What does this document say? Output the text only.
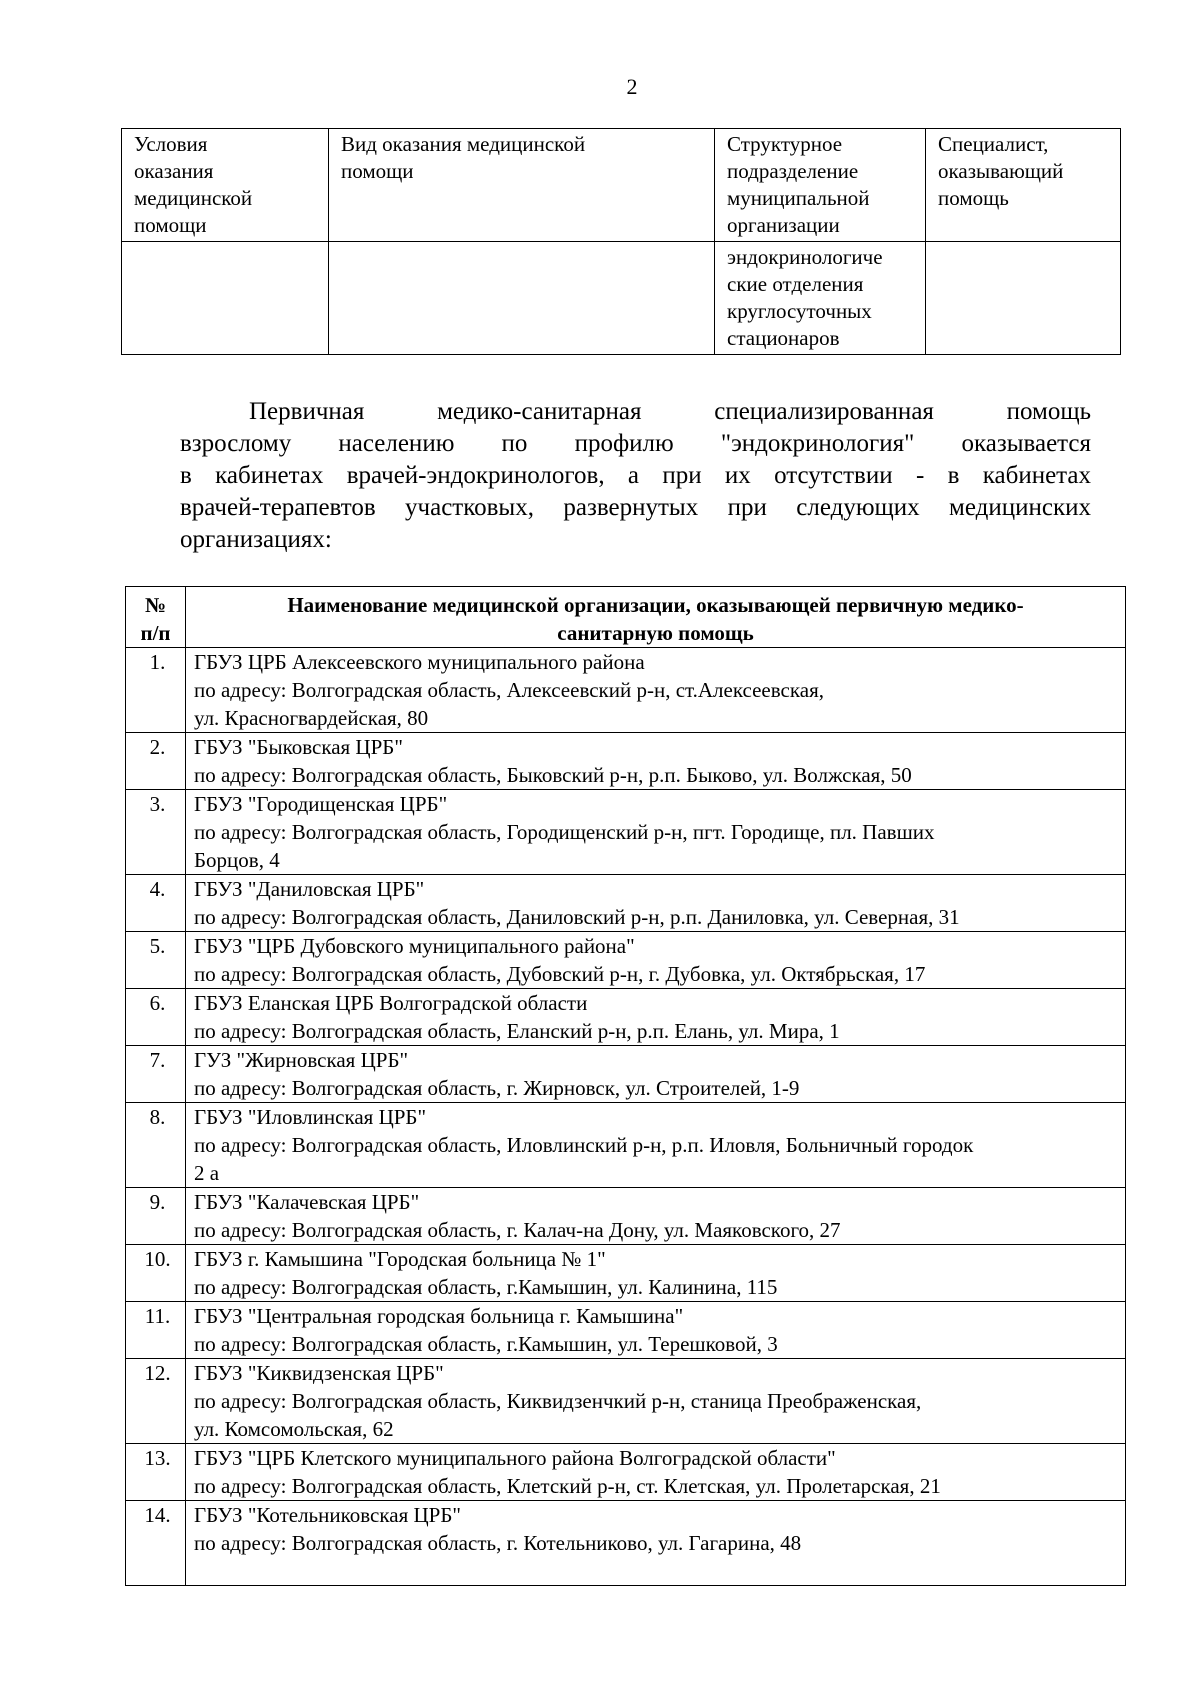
2
Условия
оказания
медицинской
помощи	Вид оказания медицинской
помощи	Структурное
подразделение
муниципальной
организации	Специалист,
оказывающий
помощь

		эндокринологиче
ские отделения
круглосуточных
стационаров	

Первичная медико-санитарная специализированная помощь
взрослому населению по профилю "эндокринология" оказывается
в кабинетах врачей-эндокринологов, а при их отсутствии - в кабинетах
врачей-терапевтов участковых, развернутых при следующих медицинских
организациях:
№
п/п	Наименование медицинской организации, оказывающей первичную медико-
санитарную помощь

1.	ГБУЗ ЦРБ Алексеевского муниципального района
по адресу: Волгоградская область, Алексеевский р-н, ст.Алексеевская,
ул. Красногвардейская, 80

2.	ГБУЗ "Быковская ЦРБ"
по адресу: Волгоградская область, Быковский р-н, р.п. Быково, ул. Волжская, 50

3.	ГБУЗ "Городищенская ЦРБ"
по адресу: Волгоградская область, Городищенский р-н, пгт. Городище, пл. Павших
Борцов, 4

4.	ГБУЗ "Даниловская ЦРБ"
по адресу: Волгоградская область, Даниловский р-н, р.п. Даниловка, ул. Северная, 31

5.	ГБУЗ "ЦРБ Дубовского муниципального района"
по адресу: Волгоградская область, Дубовский р-н, г. Дубовка, ул. Октябрьская, 17

6.	ГБУЗ Еланская ЦРБ Волгоградской области
по адресу: Волгоградская область, Еланский р-н, р.п. Елань, ул. Мира, 1

7.	ГУЗ "Жирновская ЦРБ"
по адресу: Волгоградская область, г. Жирновск, ул. Строителей, 1-9

8.	ГБУЗ "Иловлинская ЦРБ"
по адресу: Волгоградская область, Иловлинский р-н, р.п. Иловля, Больничный городок
2 а

9.	ГБУЗ "Калачевская ЦРБ"
по адресу: Волгоградская область, г. Калач-на Дону, ул. Маяковского, 27

10.	ГБУЗ г. Камышина "Городская больница № 1"
по адресу: Волгоградская область, г.Камышин, ул. Калинина, 115

11.	ГБУЗ "Центральная городская больница г. Камышина"
по адресу: Волгоградская область, г.Камышин, ул. Терешковой, 3

12.	ГБУЗ "Киквидзенская ЦРБ"
по адресу: Волгоградская область, Киквидзенчкий р-н, станица Преображенская,
ул. Комсомольская, 62

13.	ГБУЗ "ЦРБ Клетского муниципального района Волгоградской области"
по адресу: Волгоградская область, Клетский р-н, ст. Клетская, ул. Пролетарская, 21

14.	ГБУЗ "Котельниковская ЦРБ"
по адресу: Волгоградская область, г. Котельниково, ул. Гагарина, 48
